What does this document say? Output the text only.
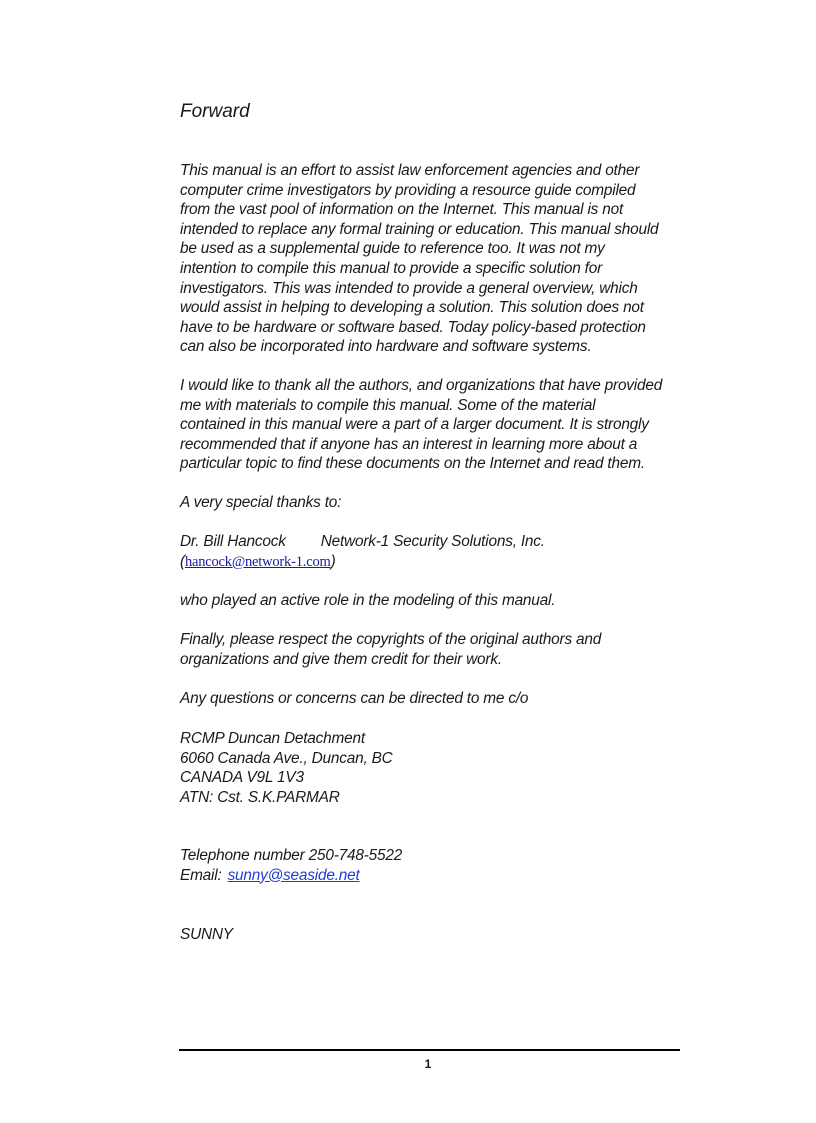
Forward

This manual is an effort to assist law enforcement agencies and other
computer crime investigators by providing a resource guide compiled
from the vast pool of information on the Internet. This manual is not
intended to replace any formal training or education. This manual should
be used as a supplemental guide to reference too. It was not my
intention to compile this manual to provide a specific solution for
investigators. This was intended to provide a general overview, which
would assist in helping to developing a solution. This solution does not
have to be hardware or software based. Today policy-based protection
can also be incorporated into hardware and software systems.

I would like to thank all the authors, and organizations that have provided
me with materials to compile this manual. Some of the material
contained in this manual were a part of a larger document. It is strongly
recommended that if anyone has an interest in learning more about a
particular topic to find these documents on the Internet and read them.

A very special thanks to:

Dr. Bill Hancock Network-1 Security Solutions, Inc.
(hancock@network-1.com)

who played an active role in the modeling of this manual.

Finally, please respect the copyrights of the original authors and
organizations and give them credit for their work.

Any questions or concerns can be directed to me c/o

RCMP Duncan Detachment
6060 Canada Ave., Duncan, BC
CANADA V9L 1V3
ATN: Cst. S.K.PARMAR

Telephone number 250-748-5522
Email: sunny@seaside.net

SUNNY

1
